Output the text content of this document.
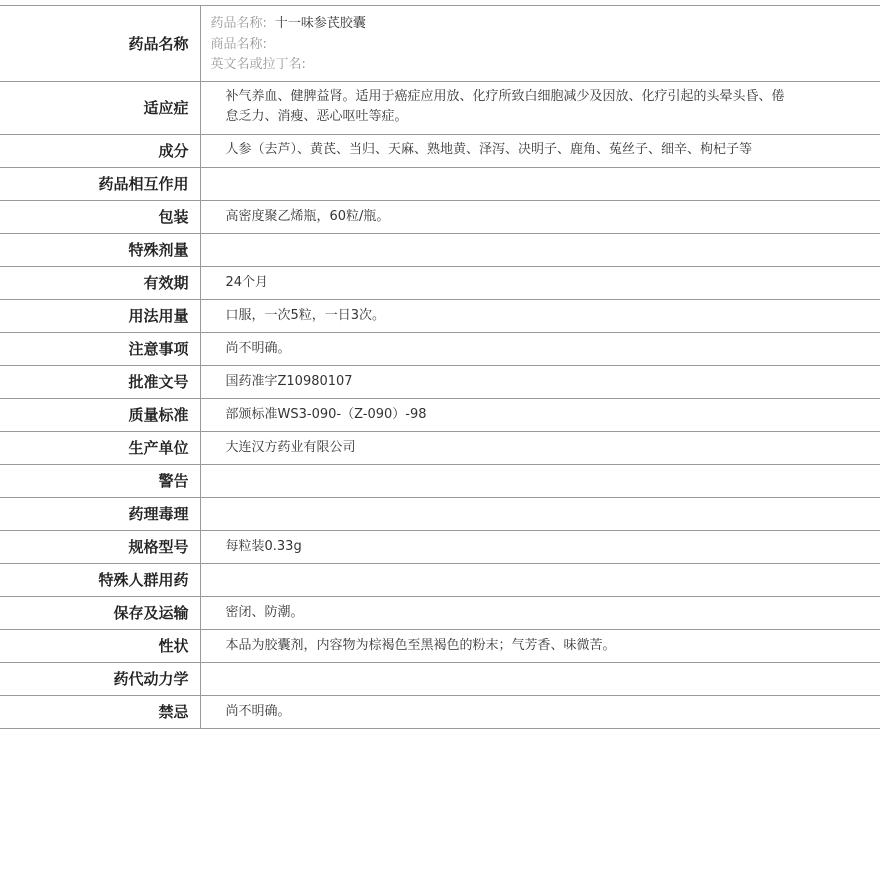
药品名称	药品名称: 十一味参芪胶囊
商品名称:
英文名或拉丁名:

适应症	补气养血、健脾益肾。适用于癌症应用放、化疗所致白细胞减少及因放、化疗引起的头晕头昏、倦怠乏力、消瘦、恶心呕吐等症。
成分	人参（去芦）、黄芪、当归、天麻、熟地黄、泽泻、决明子、鹿角、菟丝子、细辛、枸杞子等
药品相互作用	
包装	高密度聚乙烯瓶，60粒/瓶。
特殊剂量	
有效期	24个月
用法用量	口服，一次5粒，一日3次。
注意事项	尚不明确。
批准文号	国药准字Z10980107
质量标准	部颁标准WS3-090-（Z-090）-98
生产单位	大连汉方药业有限公司
警告	
药理毒理	
规格型号	每粒装0.33g
特殊人群用药	
保存及运输	密闭、防潮。
性状	本品为胶囊剂，内容物为棕褐色至黑褐色的粉末；气芳香、味微苦。
药代动力学	
禁忌	尚不明确。
